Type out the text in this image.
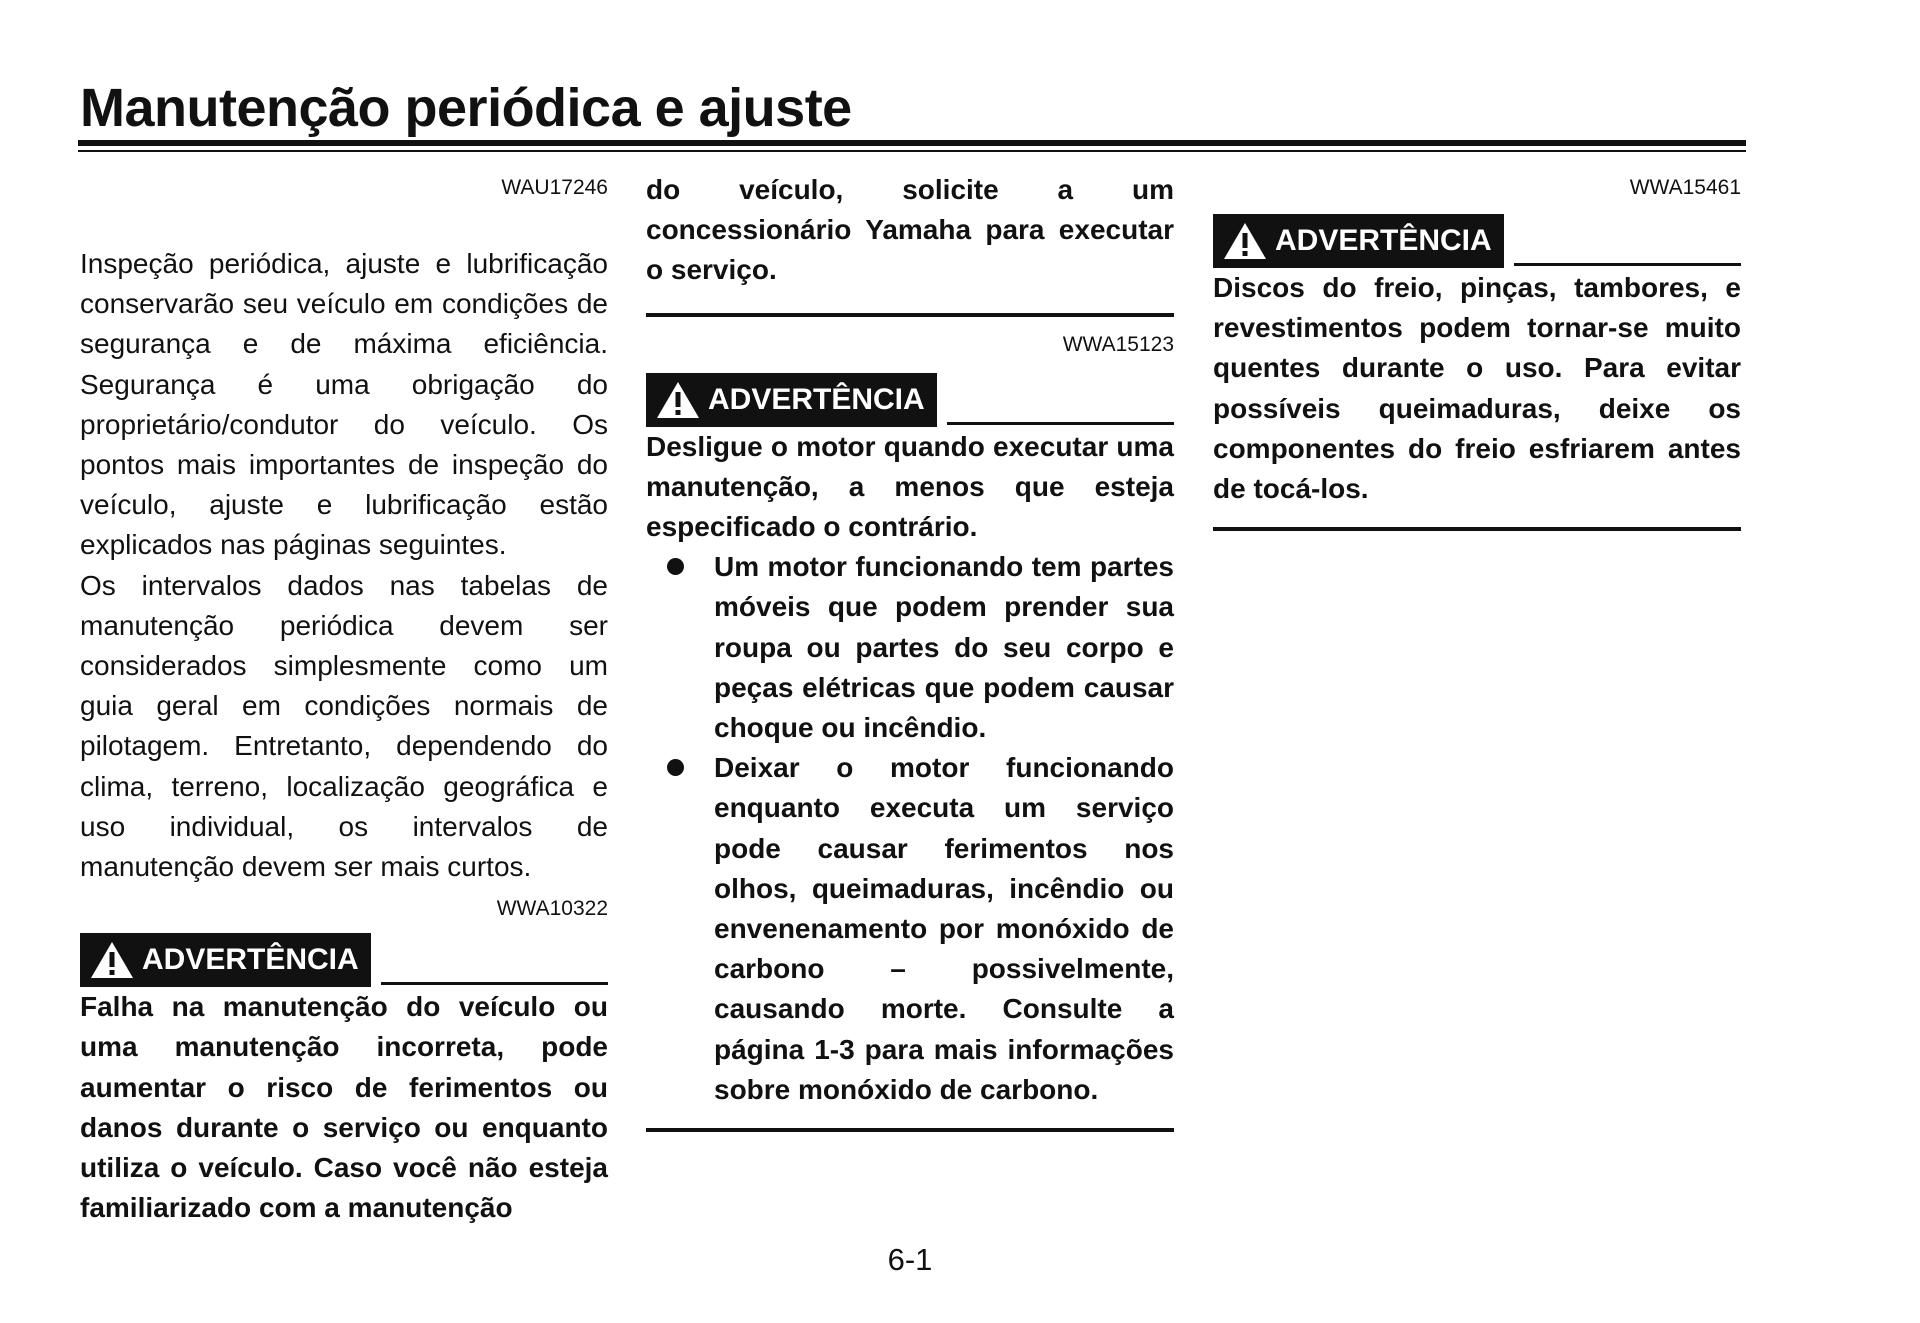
Manutenção periódica e ajuste
WAU17246

Inspeção periódica, ajuste e lubrificação conservarão seu veículo em condições de segurança e de máxima eficiência. Segurança é uma obrigação do proprietário/condutor do veículo. Os pontos mais importantes de inspeção do veículo, ajuste e lubrificação estão explicados nas páginas seguintes.

Os intervalos dados nas tabelas de manutenção periódica devem ser considerados simplesmente como um guia geral em condições normais de pilotagem. Entretanto, dependendo do clima, terreno, localização geográfica e uso individual, os intervalos de manutenção devem ser mais curtos.

WWA10322
ADVERTÊNCIA

Falha na manutenção do veículo ou uma manutenção incorreta, pode aumentar o risco de ferimentos ou danos durante o serviço ou enquanto utiliza o veículo. Caso você não esteja familiarizado com a manutenção

do veículo, solicite a um concessionário Yamaha para executar o serviço.

WWA15123
ADVERTÊNCIA

Desligue o motor quando executar uma manutenção, a menos que esteja especificado o contrário.

Um motor funcionando tem partes móveis que podem prender sua roupa ou partes do seu corpo e peças elétricas que podem causar choque ou incêndio.
Deixar o motor funcionando enquanto executa um serviço pode causar ferimentos nos olhos, queimaduras, incêndio ou envenenamento por monóxido de carbono – possivelmente, causando morte. Consulte a página 1-3 para mais informações sobre monóxido de carbono.
WWA15461
ADVERTÊNCIA

Discos do freio, pinças, tambores, e revestimentos podem tornar-se muito quentes durante o uso. Para evitar possíveis queimaduras, deixe os componentes do freio esfriarem antes de tocá-los.

6-1
